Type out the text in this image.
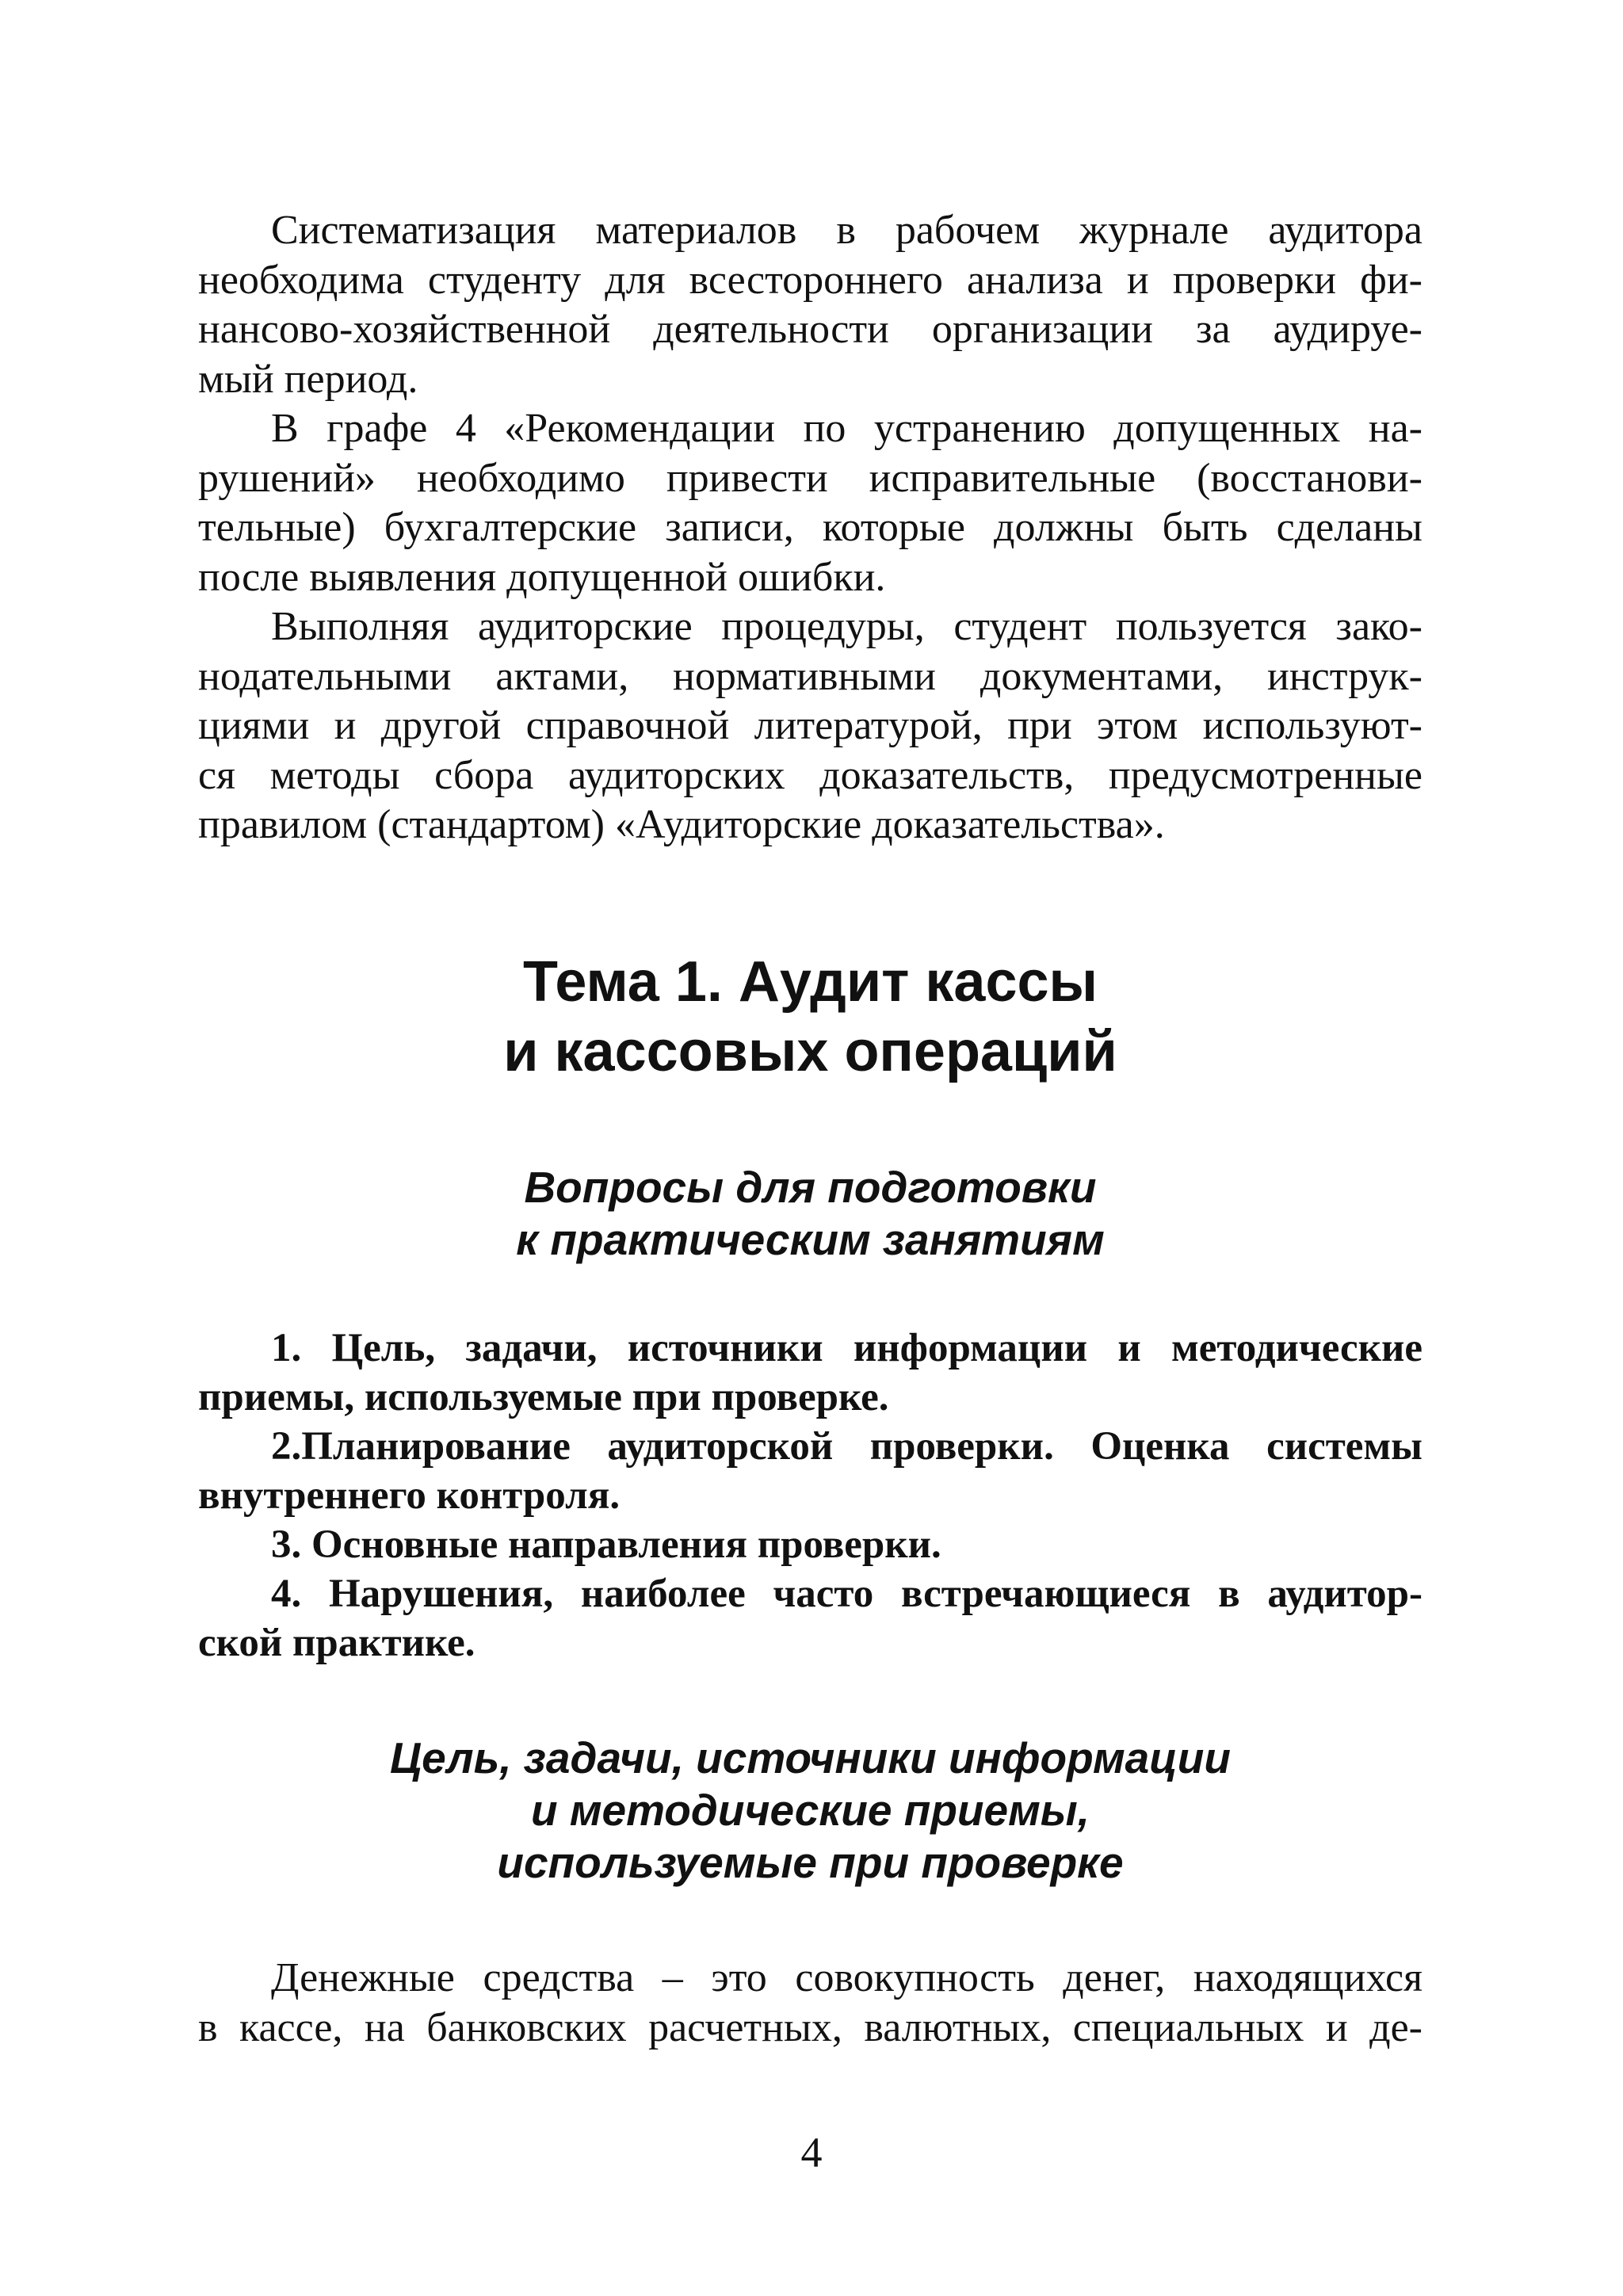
Систематизация материалов в рабочем журнале аудитора
необходима студенту для всестороннего анализа и проверки фи-
нансово-хозяйственной деятельности организации за аудируе-
мый период.
В графе 4 «Рекомендации по устранению допущенных на-
рушений» необходимо привести исправительные (восстанови-
тельные) бухгалтерские записи, которые должны быть сделаны
после выявления допущенной ошибки.
Выполняя аудиторские процедуры, студент пользуется зако-
нодательными актами, нормативными документами, инструк-
циями и другой справочной литературой, при этом используют-
ся методы сбора аудиторских доказательств, предусмотренные
правилом (стандартом) «Аудиторские доказательства».
Тема 1. Аудит кассы
и кассовых операций
Вопросы для подготовки
к практическим занятиям
1. Цель, задачи, источники информации и методические
приемы, используемые при проверке.
2.Планирование аудиторской проверки. Оценка системы
внутреннего контроля.
3. Основные направления проверки.
4. Нарушения, наиболее часто встречающиеся в аудитор-
ской практике.
Цель, задачи, источники информации
и методические приемы,
используемые при проверке
Денежные средства – это совокупность денег, находящихся
в кассе, на банковских расчетных, валютных, специальных и де-
4
